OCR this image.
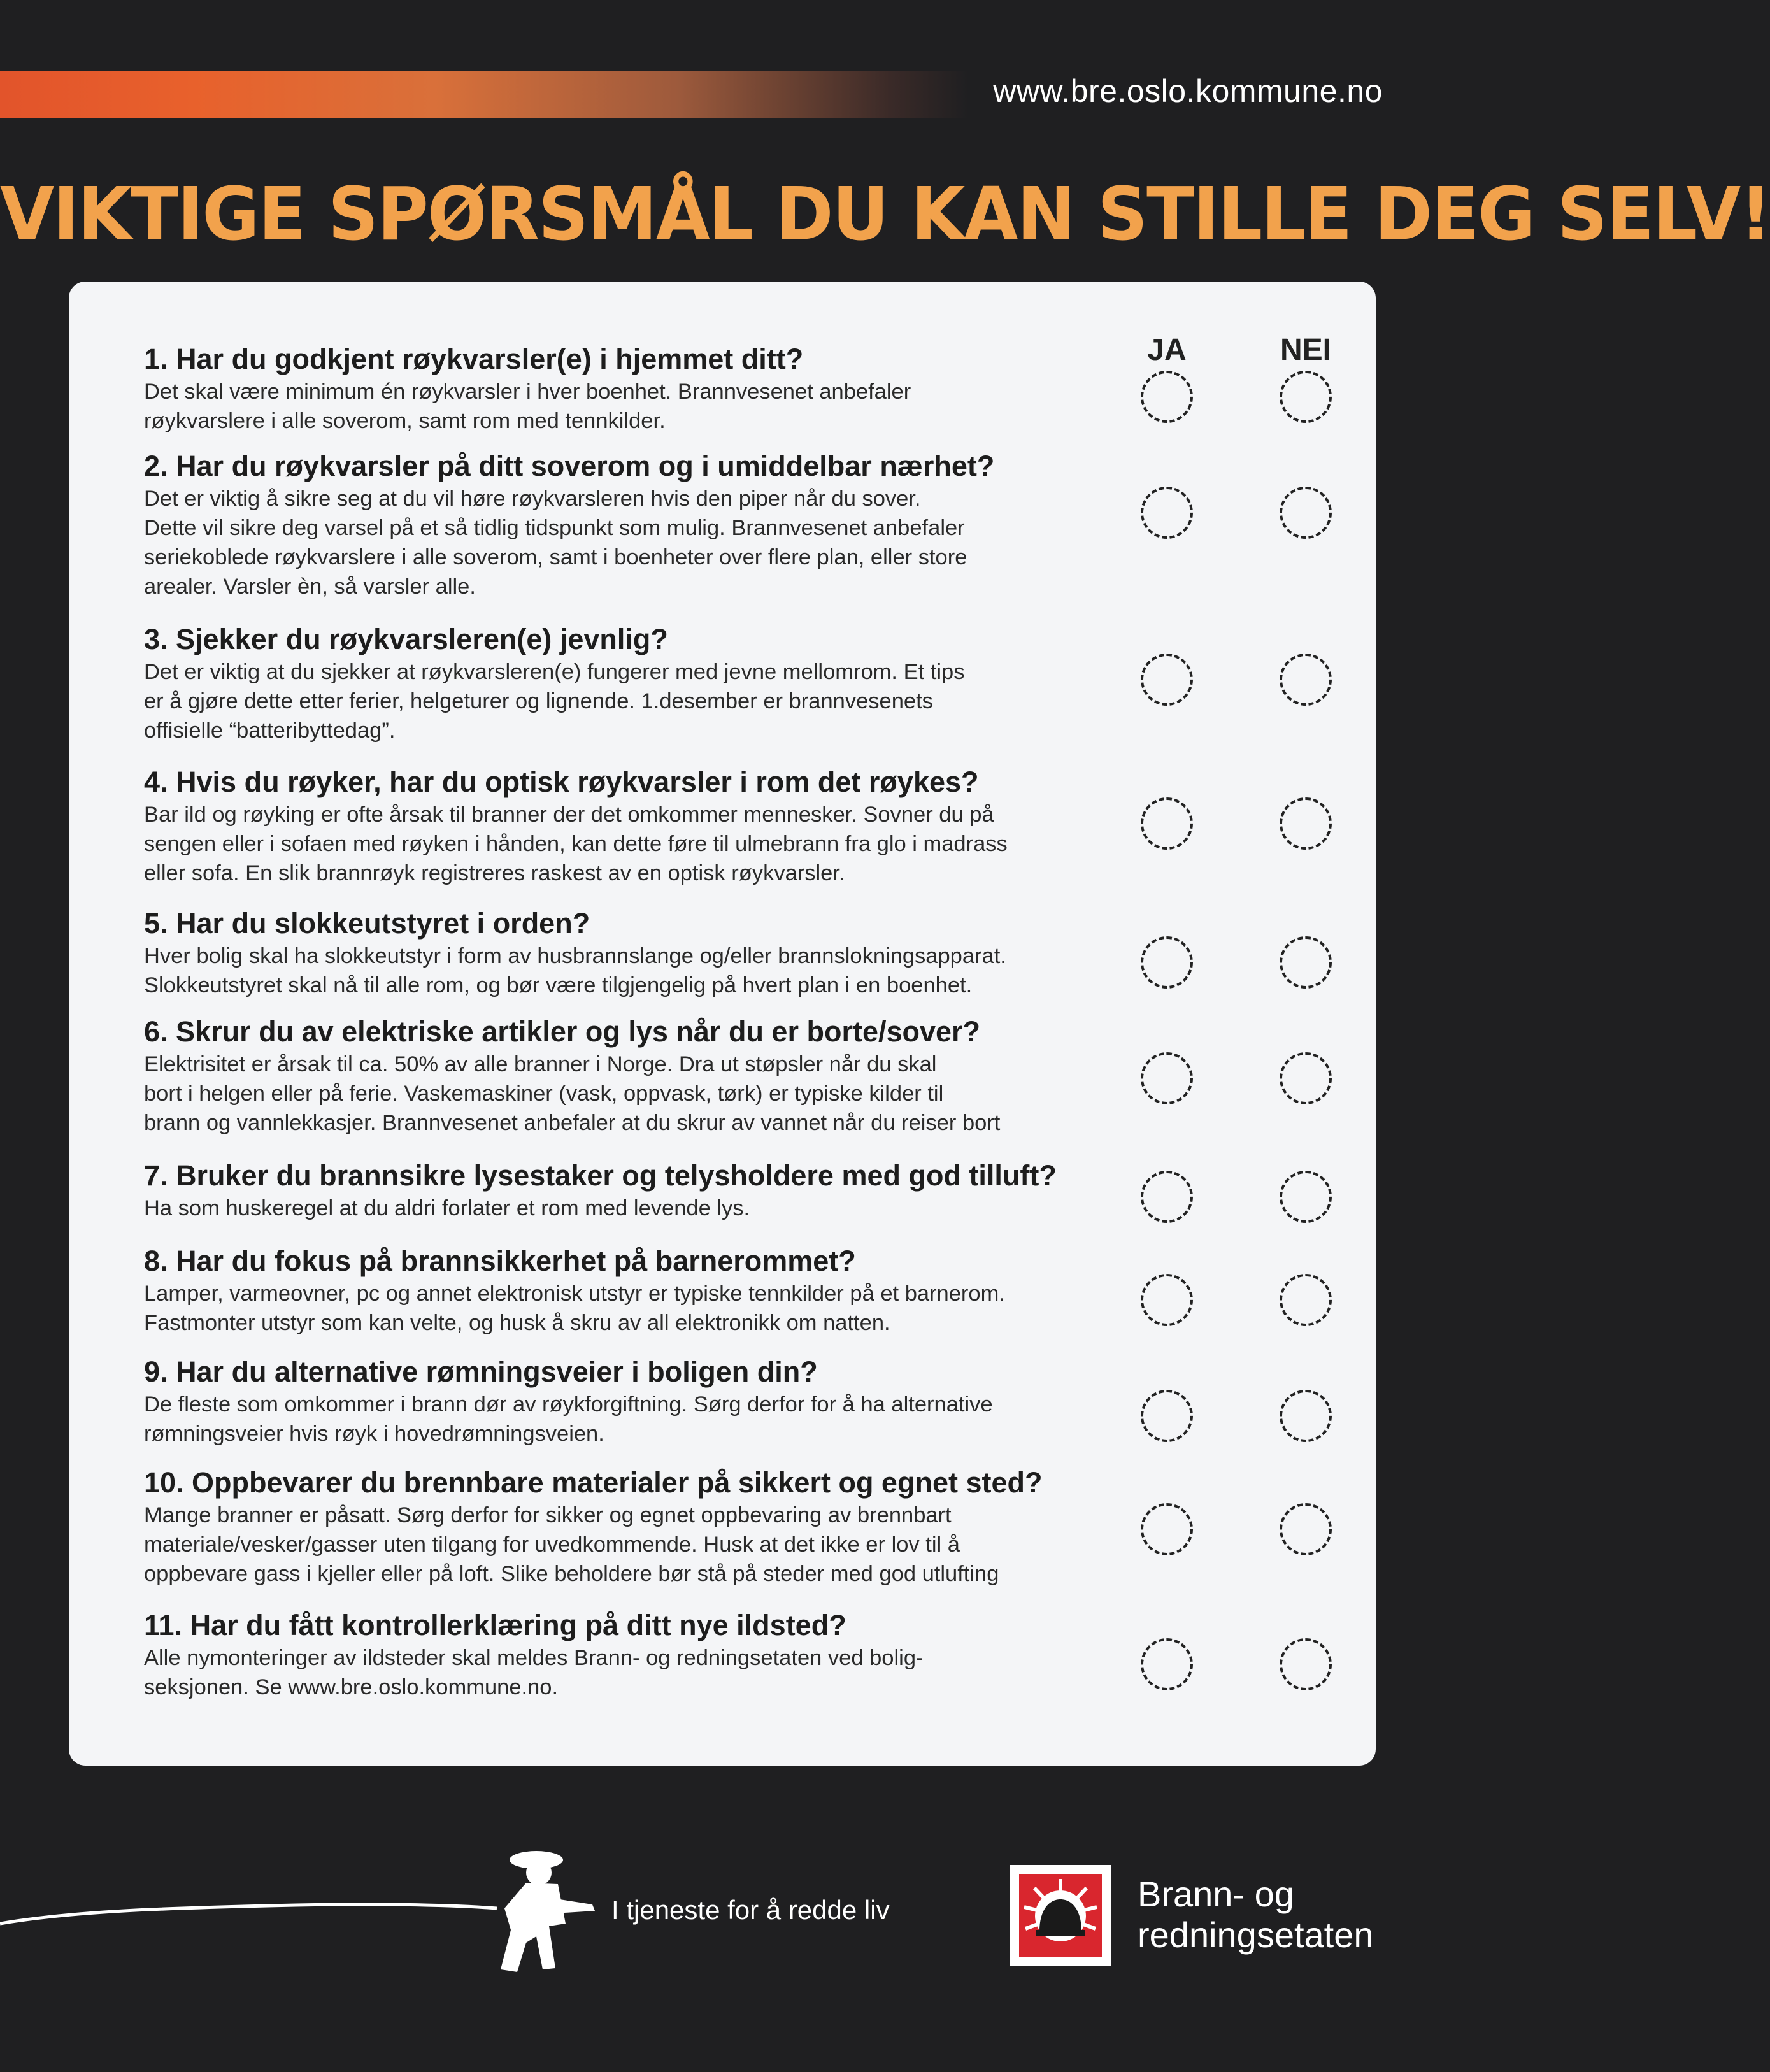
www.bre.oslo.kommune.no
VIKTIGE SPØRSMÅL DU KAN STILLE DEG SELV!
JA	NEI
1. Har du godkjent røykvarsler(e) i hjemmet ditt?
Det skal være minimum én røykvarsler i hver boenhet. Brannvesenet anbefaler
røykvarslere i alle soverom, samt rom med tennkilder.
2. Har du røykvarsler på ditt soverom og i umiddelbar nærhet?
Det er viktig å sikre seg at du vil høre røykvarsleren hvis den piper når du sover.
Dette vil sikre deg varsel på et så tidlig tidspunkt som mulig. Brannvesenet anbefaler
seriekoblede røykvarslere i alle soverom, samt i boenheter over flere plan, eller store
arealer. Varsler èn, så varsler alle.
3. Sjekker du røykvarsleren(e) jevnlig?
Det er viktig at du sjekker at røykvarsleren(e) fungerer med jevne mellomrom. Et tips
er å gjøre dette etter ferier, helgeturer og lignende. 1.desember er brannvesenets
offisielle “batteribyttedag”.
4. Hvis du røyker, har du optisk røykvarsler i rom det røykes?
Bar ild og røyking er ofte årsak til branner der det omkommer mennesker. Sovner du på
sengen eller i sofaen med røyken i hånden, kan dette føre til ulmebrann fra glo i madrass
eller sofa. En slik brannrøyk registreres raskest av en optisk røykvarsler.
5. Har du slokkeutstyret i orden?
Hver bolig skal ha slokkeutstyr i form av husbrannslange og/eller brannslokningsapparat.
Slokkeutstyret skal nå til alle rom, og bør være tilgjengelig på hvert plan i en boenhet.
6. Skrur du av elektriske artikler og lys når du er borte/sover?
Elektrisitet er årsak til ca. 50% av alle branner i Norge. Dra ut støpsler når du skal
bort i helgen eller på ferie. Vaskemaskiner (vask, oppvask, tørk) er typiske kilder til
brann og vannlekkasjer. Brannvesenet anbefaler at du skrur av vannet når du reiser bort
7. Bruker du brannsikre lysestaker og telysholdere med god tilluft?
Ha som huskeregel at du aldri forlater et rom med levende lys.
8. Har du fokus på brannsikkerhet på barnerommet?
Lamper, varmeovner, pc og annet elektronisk utstyr er typiske tennkilder på et barnerom.
Fastmonter utstyr som kan velte, og husk å skru av all elektronikk om natten.
9. Har du alternative rømningsveier i boligen din?
De fleste som omkommer i brann dør av røykforgiftning. Sørg derfor for å ha alternative
rømningsveier hvis røyk i hovedrømningsveien.
10. Oppbevarer du brennbare materialer på sikkert og egnet sted?
Mange branner er påsatt. Sørg derfor for sikker og egnet oppbevaring av brennbart
materiale/vesker/gasser uten tilgang for uvedkommende. Husk at det ikke er lov til å
oppbevare gass i kjeller eller på loft. Slike beholdere bør stå på steder med god utlufting
11. Har du fått kontrollerklæring på ditt nye ildsted?
Alle nymonteringer av ildsteder skal meldes Brann- og redningsetaten ved bolig-
seksjonen. Se www.bre.oslo.kommune.no.
I tjeneste for å redde liv	Brann- og
redningsetaten
